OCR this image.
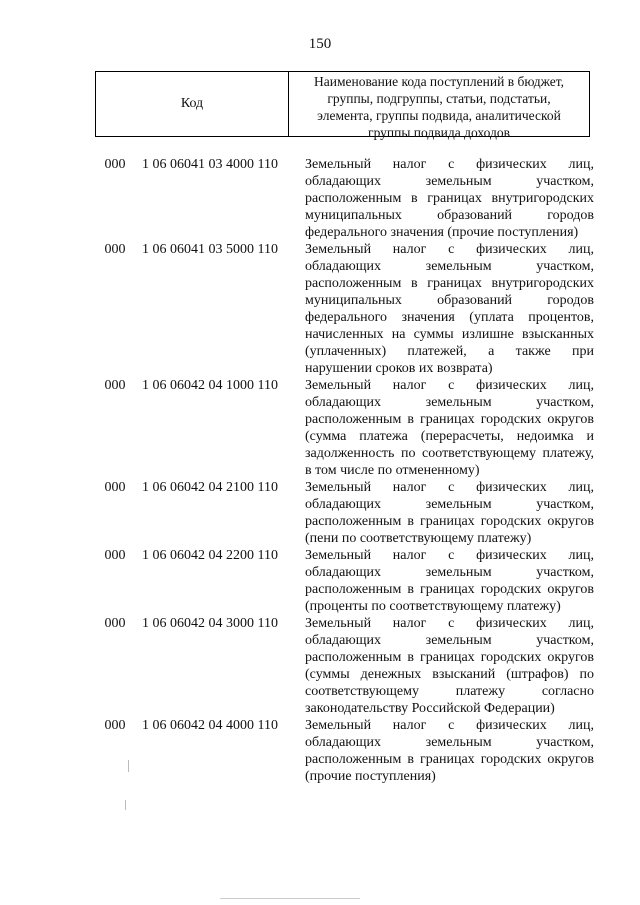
150
Код
Наименование кода поступлений в бюджет,
группы, подгруппы, статьи, подстатьи,
элемента, группы подвида, аналитической
группы подвида доходов
000	1 06 06041 03 4000 110	Земельный налог с физических лиц,
обладающих земельным участком,
расположенным в границах внутригородских
муниципальных образований городов
федерального значения (прочие поступления)
000	1 06 06041 03 5000 110	Земельный налог с физических лиц,
обладающих земельным участком,
расположенным в границах внутригородских
муниципальных образований городов
федерального значения (уплата процентов,
начисленных на суммы излишне взысканных
(уплаченных) платежей, а также при
нарушении сроков их возврата)
000	1 06 06042 04 1000 110	Земельный налог с физических лиц,
обладающих земельным участком,
расположенным в границах городских округов
(сумма платежа (перерасчеты, недоимка и
задолженность по соответствующему платежу,
в том числе по отмененному)
000	1 06 06042 04 2100 110	Земельный налог с физических лиц,
обладающих земельным участком,
расположенным в границах городских округов
(пени по соответствующему платежу)
000	1 06 06042 04 2200 110	Земельный налог с физических лиц,
обладающих земельным участком,
расположенным в границах городских округов
(проценты по соответствующему платежу)
000	1 06 06042 04 3000 110	Земельный налог с физических лиц,
обладающих земельным участком,
расположенным в границах городских округов
(суммы денежных взысканий (штрафов) по
соответствующему платежу согласно
законодательству Российской Федерации)
000	1 06 06042 04 4000 110	Земельный налог с физических лиц,
обладающих земельным участком,
расположенным в границах городских округов
(прочие поступления)
